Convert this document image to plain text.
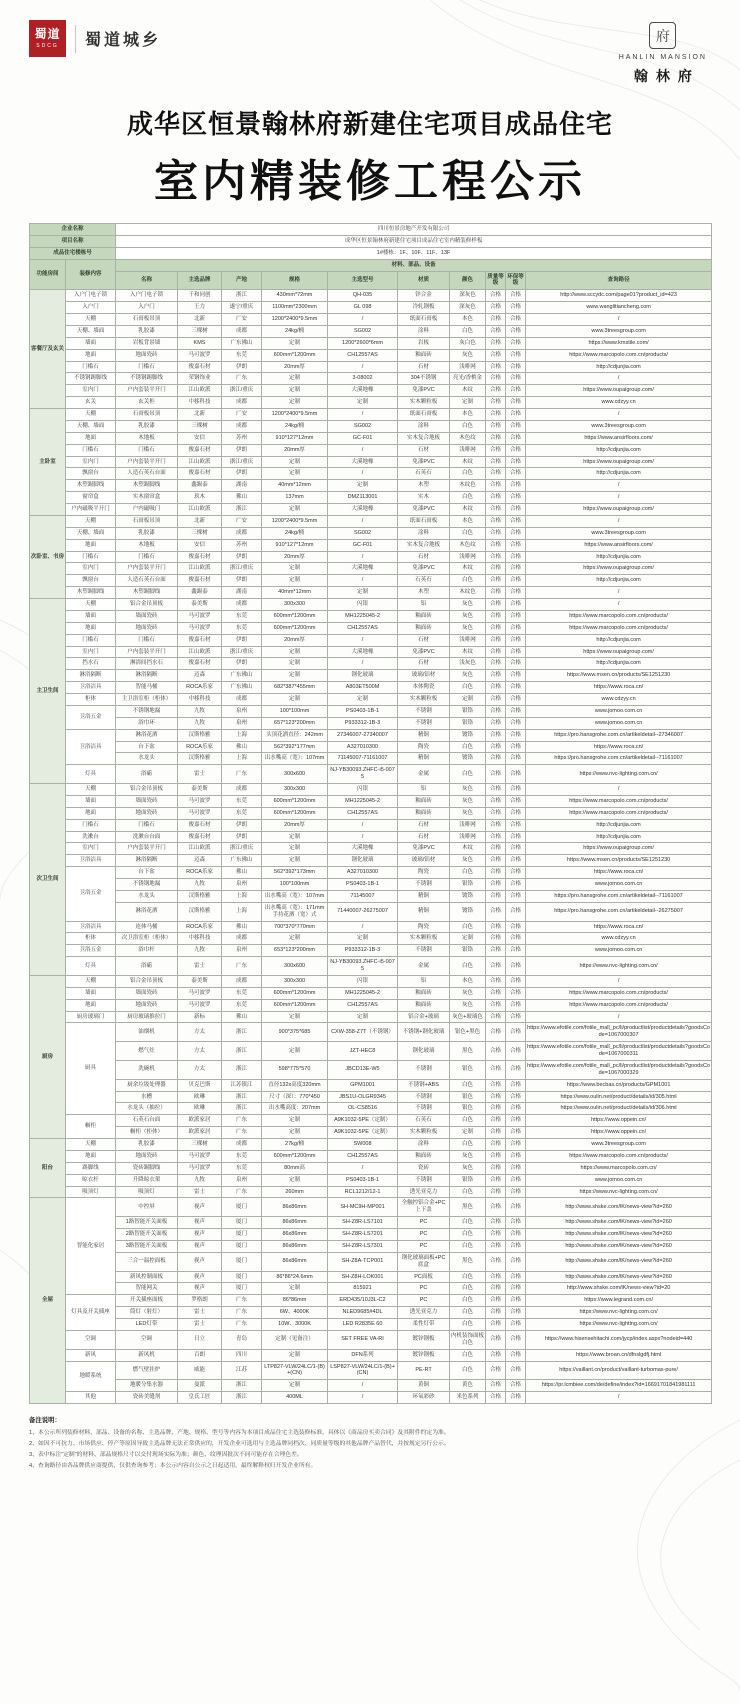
蜀道
SDCG 蜀道城乡	府
HANLIN MANSION
翰林府
成华区恒景翰林府新建住宅项目成品住宅
室内精装修工程公示
企业名称		四川恒景房地产开发有限公司									
项目名称		成华区恒景翰林府新建住宅项目成品住宅室内精装修样板									
成品住宅楼栋号		1#楼栋：1F、10F、11F、13F									
功能房间	装修内容	材料、部品、设备									
		名称	主选品牌	产地	规格	主选型号	材质	颜色	质量等级	环保等级	查询路径
客餐厅及玄关	入户门电子锁	入户门电子锁	千和同创	浙江	430mm*72mm	QH-035	锌合金	深灰色	合格	合格	http://www.sccydc.com/page01?product_id=423
	入户门	入户门	王力	遂宁/重庆	1100mm*2300mm	GL 098	冷轧钢板	深灰色	合格	合格	www.wanglitiancheng.com
	天棚	石膏板吊顶	北新	广安	1200*2400*9.5mm	/	纸面石膏板	本色	合格	合格	/
	天棚、墙面	乳胶漆	三棵树	成都	24kg/桶	SG002	涂料	白色	合格	合格	www.3treesgroup.com
	墙面	岩板背景墙	KMS	广东佛山	定制	1200*2600*6mm	岩板	灰白色	合格	合格	https://www.kmstile.com/
	地面	地面瓷砖	马可波罗	东莞	600mm*1200mm	CH12557AS	釉面砖	灰色	合格	合格	https://www.marcopolo.com.cn/products/
	门槛石	门槛石	俊嘉石材	伊朗	20mm厚	/	石材	浅啡网	合格	合格	http://cdjunjia.com
	不锈钢踢脚线	不锈钢踢脚线	荣钢饰业	广东	定制	3-08002	304不锈钢	亮光/香槟金	合格	合格	/
	室内门	户内套装平开门	江山欧派	浙江/重庆	定制	大溪地橡	免漆PVC	木纹	合格	合格	https://www.oupaigroup.com/
	玄关	玄关柜	中移科技	成都	定制	定制	实木颗粒板	定制	合格	合格	www.cdzyy.cn
主卧室	天棚	石膏板吊顶	北新	广安	1200*2400*9.5mm	/	纸面石膏板	本色	合格	合格	/
	天棚、墙面	乳胶漆	三棵树	成都	24kg/桶	SG002	涂料	白色	合格	合格	www.3treesgroup.com
	地面	木地板	安信	苏州	910*127*12mm	GC-F01	实木复合地板	木色纹	合格	合格	https://www.ansirfloors.com/
	门槛石	门槛石	俊嘉石材	伊朗	20mm厚	/	石材	浅啡网	合格	合格	http://cdjunjia.com
	室内门	户内套装平开门	江山欧派	浙江/重庆	定制	大溪地橡	免漆PVC	木纹	合格	合格	https://www.oupaigroup.com/
	飘窗台	人造石英石台面	俊嘉石材	伊朗	定制	/	石英石	白色	合格	合格	http://cdjunjia.com
	木塑踢脚线	木塑踢脚线	鑫踢泰	湖南	40mm*12mm	定制	木塑	木纹色	合格	合格	/
	窗帘盒	实木窗帘盒	玖木	佛山	137mm	DMZ113001	实木	白色	合格	合格	/
	户内磁吸平开门	户内磁吸门	江山欧派	浙江	定制	大溪地橡	免漆PVC	木纹	合格	合格	https://www.oupaigroup.com/
次卧室、书房	天棚	石膏板吊顶	北新	广安	1200*2400*9.5mm	/	纸面石膏板	本色	合格	合格	/
	天棚、墙面	乳胶漆	三棵树	成都	24kg/桶	SG002	涂料	白色	合格	合格	www.3treesgroup.com
	地面	木地板	安信	苏州	910*127*12mm	GC-F01	实木复合地板	木色纹	合格	合格	https://www.ansirfloors.com/
	门槛石	门槛石	俊嘉石材	伊朗	20mm厚	/	石材	浅啡网	合格	合格	http://cdjunjia.com
	室内门	户内套装平开门	江山欧派	浙江/重庆	定制	大溪地橡	免漆PVC	木纹	合格	合格	https://www.oupaigroup.com/
	飘窗台	人造石英石台面	俊嘉石材	伊朗	定制	/	石英石	白色	合格	合格	http://cdjunjia.com
	木塑踢脚线	木塑踢脚线	鑫踢泰	湖南	40mm*12mm	定制	木塑	木纹色	合格	合格	/
主卫生间	天棚	铝合金吊顶板	泰美斯	成都	300x300	闪银	铝	灰色	合格	合格	/
	墙面	墙面瓷砖	马可波罗	东莞	600mm*1200mm	MH1225045-2	釉面砖	灰色	合格	合格	https://www.marcopolo.com.cn/products/
	地面	地面瓷砖	马可波罗	东莞	600mm*1200mm	CH12557AS	釉面砖	灰色	合格	合格	https://www.marcopolo.com.cn/products/
	门槛石	门槛石	俊嘉石材	伊朗	20mm厚	/	石材	浅啡网	合格	合格	http://cdjunjia.com
	室内门	户内套装平开门	江山欧派	浙江/重庆	定制	大溪地橡	免漆PVC	木纹	合格	合格	https://www.oupaigroup.com/
	挡水石	淋浴间挡水石	俊嘉石材	伊朗	定制	/	石材	浅灰色	合格	合格	http://cdjunjia.com
	淋浴隔断	淋浴隔断	迈森	广东佛山	定制	钢化玻璃	玻璃/铝材	灰色	合格	合格	https://www.msen.cn/products/SE1251230
	卫浴洁具	智能马桶	ROCA乐家	广东佛山	682*387*455mm	A803ET500M	本体陶瓷	白色	合格	合格	https://www.roca.cn/
	柜体	主卫浴室柜（柜体）	中移科技	成都	定制	定制	实木颗粒板	定制	合格	合格	www.cdzyy.cn
	卫浴五金	不锈钢地漏	九牧	泉州	100*100mm	PS0403-1B-1	不锈钢	银铬	合格	合格	www.jomoo.com.cn
		浴巾环	九牧	泉州	657*123*200mm	P933312-1B-3	不锈钢	银铬	合格	合格	www.jomoo.com.cn
	卫浴洁具	淋浴花洒	汉斯格雅	上海	头顶花洒直径：242mm	27346007-27340007	精铜	镀铬	合格	合格	https://pro.hansgrohe.com.cn/artikeldetail--27346007
		台下盆	ROCA乐家	佛山	562*392*177mm	A327010300	陶瓷	白色	合格	合格	https://www.roca.cn/
		水龙头	汉斯格雅	上海	出水嘴高（宽）：107mm	71145007-71161007	精铜	镀铬	合格	合格	https://pro.hansgrohe.com.cn/artikeldetail--71161007
	灯具	浴霸	雷士	广东	300x600	NJ-YB30093.ZHFC-i5-0075	金属	白色	合格	合格	https://www.nvc-lighting.com.cn/
次卫生间	天棚	铝合金吊顶板	泰美斯	成都	300x300	闪银	铝	灰色	合格	合格	/
	墙面	墙面瓷砖	马可波罗	东莞	600mm*1200mm	MH1225045-2	釉面砖	灰色	合格	合格	https://www.marcopolo.com.cn/products/
	地面	地面瓷砖	马可波罗	东莞	600mm*1200mm	CH12557AS	釉面砖	灰色	合格	合格	https://www.marcopolo.com.cn/products/
	门槛石	门槛石	俊嘉石材	伊朗	20mm厚	/	石材	浅啡网	合格	合格	http://cdjunjia.com
	洗漱台	洗漱台台面	俊嘉石材	伊朗	定制	/	石材	浅啡网	合格	合格	http://cdjunjia.com
	室内门	户内套装平开门	江山欧派	浙江/重庆	定制	大溪地橡	免漆PVC	木纹	合格	合格	https://www.oupaigroup.com/
	卫浴洁具	淋浴隔断	迈森	广东佛山	定制	钢化玻璃	玻璃/铝材	灰色	合格	合格	https://www.msen.cn/products/SE1251230
	卫浴五金	台下盆	ROCA乐家	佛山	562*392*173mm	A327010300	陶瓷	白色	合格	合格	https://www.roca.cn/
		不锈钢地漏	九牧	泉州	100*100mm	PS0403-1B-1	不锈钢	银铬	合格	合格	www.jomoo.com.cn
		水龙头	汉斯格雅	上海	出水嘴高（宽）：107mm	71145007	精铜	镀铬	合格	合格	https://pro.hansgrohe.com.cn/artikeldetail--71161007
		淋浴花洒	汉斯格雅	上海	出水嘴高（宽）：171mm 手持花洒（宽）式	71440007-26275007	精铜	镀铬	合格	合格	https://pro.hansgrohe.com.cn/artikeldetail--26275007
	卫浴洁具	连体马桶	ROCA乐家	佛山	700*370*770mm	/	陶瓷	白色	合格	合格	https://www.roca.cn/
	柜体	次卫浴室柜（柜体）	中移科技	成都	定制	定制	实木颗粒板	定制	合格	合格	www.cdzyy.cn
	卫浴五金	浴巾杆	九牧	泉州	653*123*200mm	P933312-1B-3	不锈钢	银铬	合格	合格	www.jomoo.com.cn
	灯具	浴霸	雷士	广东	300x600	NJ-YB30093.ZHFC-i5-0075	金属	白色	合格	合格	https://www.nvc-lighting.com.cn/
厨房	天棚	铝合金吊顶板	泰美斯	成都	300x300	闪银	铝	本色	合格	合格	/
	墙面	墙面瓷砖	马可波罗	东莞	600mm*1200mm	MH1225045-2	釉面砖	灰色	合格	合格	https://www.marcopolo.com.cn/products/
	地面	地面瓷砖	马可波罗	东莞	600mm*1200mm	CH12557AS	釉面砖	灰色	合格	合格	https://www.marcopolo.com.cn/products/
	厨房玻璃门	厨房玻璃推拉门	新标	佛山	定制	定制	铝合金+玻璃	灰色+玻璃色	合格	合格	/
	厨具	油烟机	方太	浙江	900*375*685	CXW-358-Z7T（不锈钢）	不锈钢+钢化玻璃	银色+黑色	合格	合格	https://www.efotile.com/fotile_mall_pc/li/productlist/productdetails?goodsCode=1067000307
		燃气灶	方太	浙江	定制	JZT-HEC8	钢化玻璃	黑色	合格	合格	https://www.efotile.com/fotile_mall_pc/li/productlist/productdetails?goodsCode=1067000311
		洗碗机	方太	浙江	598*775*570	JBCD13E-W5	不锈钢	银色	合格	合格	https://www.efotile.com/fotile_mall_pc/li/productlist/productdetails?goodsCode=1067000329
		厨余垃圾处理器	贝克巴斯	江苏镇江	直径132x高度320mm	GPM1001	不锈钢+ABS	白色	合格	合格	https://www.becbas.cn/products/GPM1001
		水槽	欧琳	浙江	尺寸（深）：770*450	JBS1U-OLGR9345	不锈钢	银色	合格	合格	https://www.oulin.net/product/details/id/305.html
		水龙头（抽拉）	欧琳	浙江	出水嘴高度：207mm	OL-CS8516	不锈钢	银色	合格	合格	https://www.oulin.net/product/details/id/306.html
	橱柜	石英石台面	欧派家居	广东	定制	A9K1032-5PE（定制）	石英石	白色	合格	合格	https://www.oppein.cn/
		橱柜（柜体）	欧派家居	广东	定制	A9K1032-5PE（定制）	实木颗粒板	定制	合格	合格	https://www.oppein.cn/
阳台	天棚	乳胶漆	三棵树	成都	27kg/桶	SW008	涂料	白色	合格	合格	www.3treesgroup.com
	地面	地面瓷砖	马可波罗	东莞	600mm*1200mm	CH12557AS	釉面砖	灰色	合格	合格	https://www.marcopolo.com.cn/products/
	踢脚线	瓷砖踢脚线	马可波罗	东莞	80mm高	/	瓷砖	灰色	合格	合格	https://www.marcopolo.com.cn/
	晾衣杆	升降晾衣架	九牧	泉州	定制	PS0403-1B-1	不锈钢	银铬	合格	合格	www.jomoo.com.cn
	吸顶灯	吸顶灯	雷士	广东	260mm	RCL1212/12-1	透光亚克力	白色	合格	合格	https://www.nvc-lighting.com.cn/
全屋	智能化家居	中控屏	视声	厦门	86x86mm	SH-MC9H-MP001	全触控铝合金+PC上下盖	黑色	合格	合格	http://www.shske.com/lK/news-view?id=260
		1路智能开关面板	视声	厦门	86x86mm	SH-Z8R-LS7101	PC	白色	合格	合格	http://www.shske.com/lK/news-view?id=260
		2路智能开关面板	视声	厦门	86x86mm	SH-Z8R-LS7201	PC	白色	合格	合格	http://www.shske.com/lK/news-view?id=260
		3路智能开关面板	视声	厦门	86x86mm	SH-Z8R-LS7301	PC	白色	合格	合格	http://www.shske.com/lK/news-view?id=260
		三合一温控面板	视声	厦门	86x86mm	SH-Z8A-TCP001	钢化玻璃面板+PC底盒	黑色	合格	合格	http://www.shske.com/lK/news-view?id=260
		新风控制面板	视声	厦门	86*86*24.6mm	SH-Z8H-LOK001	PC面板	白色	合格	合格	http://www.shske.com/lK/news-view?id=260
		智能网关	视声	厦门	定制	815921	PC	白色	合格	合格	http://www.shske.com/lK/news-view?id=20
	灯具及开关插座	开关插座面板	罗格朗	广东	86*86mm	ERD435/10J3L-C2	PC	白色	合格	合格	https://www.legrand.com.cn/
		筒灯（射灯）	雷士	广东	6W、4000K	NLED9685#4DL	透光亚克力	白色	合格	合格	https://www.nvc-lighting.com.cn/
		LED灯带	雷士	广东	10W、3000K	LED R2835E 60	柔性灯带	白色	合格	合格	https://www.nvc-lighting.com.cn/
	空调	空调	日立	青岛	定制（见备注）	SET FREE VA-RI	镀锌钢板	内机装饰面板白色	合格	合格	https://www.hisensehitachi.com/jycp/index.aspx?nodeid=440
	新风	新风机	百朗	四川	定制	DFN系列	镀锌钢板	白色	合格	合格	https://www.broan.cn/dfnslgdfj.html
	地暖系统	燃气壁挂炉	威能	江苏	LTP827-VLW/24LC/1-(B)+(CN)	LSP827-VLW/24LC/1-(B)+(CN)	PE-RT	白色	合格	合格	https://vaillant.cn/product/vaillant-turbomax-pure/
		地暖分集水器	曼派	浙江	定制	/	黄铜	黄色	合格	合格	https://pr.lcmbiee.com/de/define/index?id=16691701841981111
	其他	瓷砖美缝剂	皇氏工匠	浙江	400ML	/	环氧彩砂	米色系列	合格	合格	/
备注说明：
1、本公示所列装修材料、部品、设备的名称、主选品牌、产地、规格、型号等内容为本项目成品住宅主选装修标准，具体以《商品房买卖合同》及其附件约定为准。
2、如因不可抗力、市场供应、停产等原因导致主选品牌无法正常供应的，开发企业可选用与主选品牌同档次、同质量等级的其他品牌产品替代，并按规定另行公示。
3、表中标注“定制”的材料、部品规格尺寸以交付现场实际为准；颜色、纹理因批次不同可能存在合理色差。
4、查询路径由各品牌供应商提供，仅供查询参考；本公示内容自公示之日起适用，最终解释权归开发企业所有。
